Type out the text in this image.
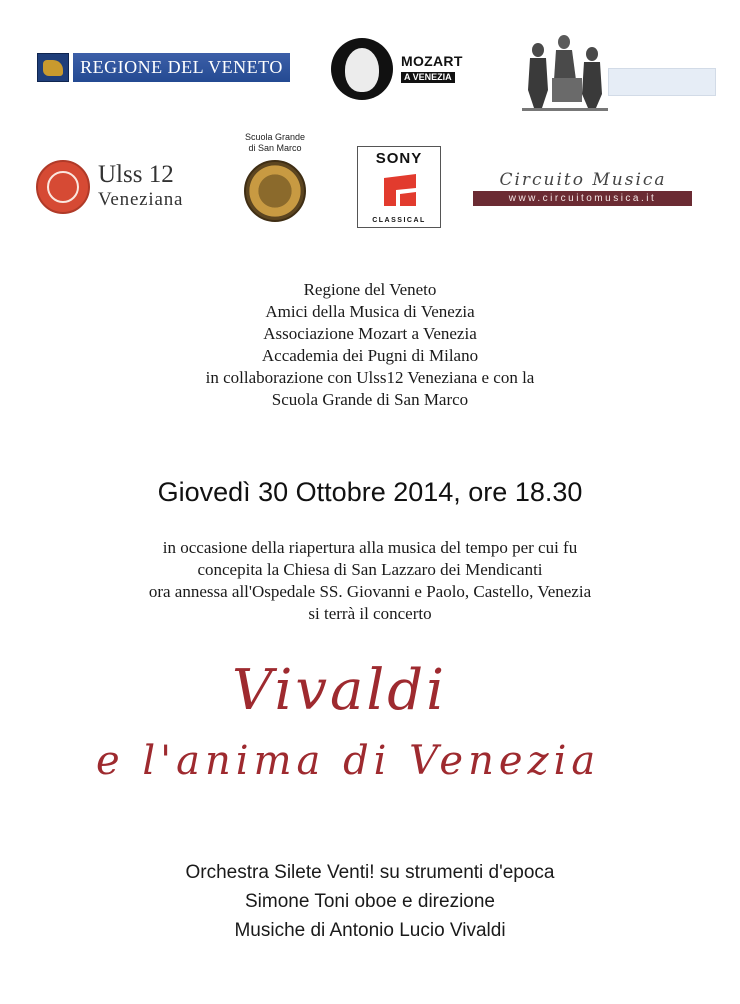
REGIONE DEL VENETO	MOZART
A VENEZIA
Ulss 12
Veneziana
Scuola Grande
di San Marco
SONY
CLASSICAL
Circuito Musica
www.circuitomusica.it
Regione del Veneto
Amici della Musica di Venezia
Associazione Mozart a Venezia
Accademia dei Pugni di Milano
in collaborazione con Ulss12 Veneziana e con la
Scuola Grande di San Marco
Giovedì 30 Ottobre 2014, ore 18.30
in occasione della riapertura alla musica del tempo per cui fu
concepita la Chiesa di San Lazzaro dei Mendicanti
ora annessa all'Ospedale SS. Giovanni e Paolo, Castello, Venezia
si terrà il concerto
Vivaldi
e l'anima di Venezia
Orchestra Silete Venti! su strumenti d'epoca
Simone Toni oboe e direzione
Musiche di Antonio Lucio Vivaldi
